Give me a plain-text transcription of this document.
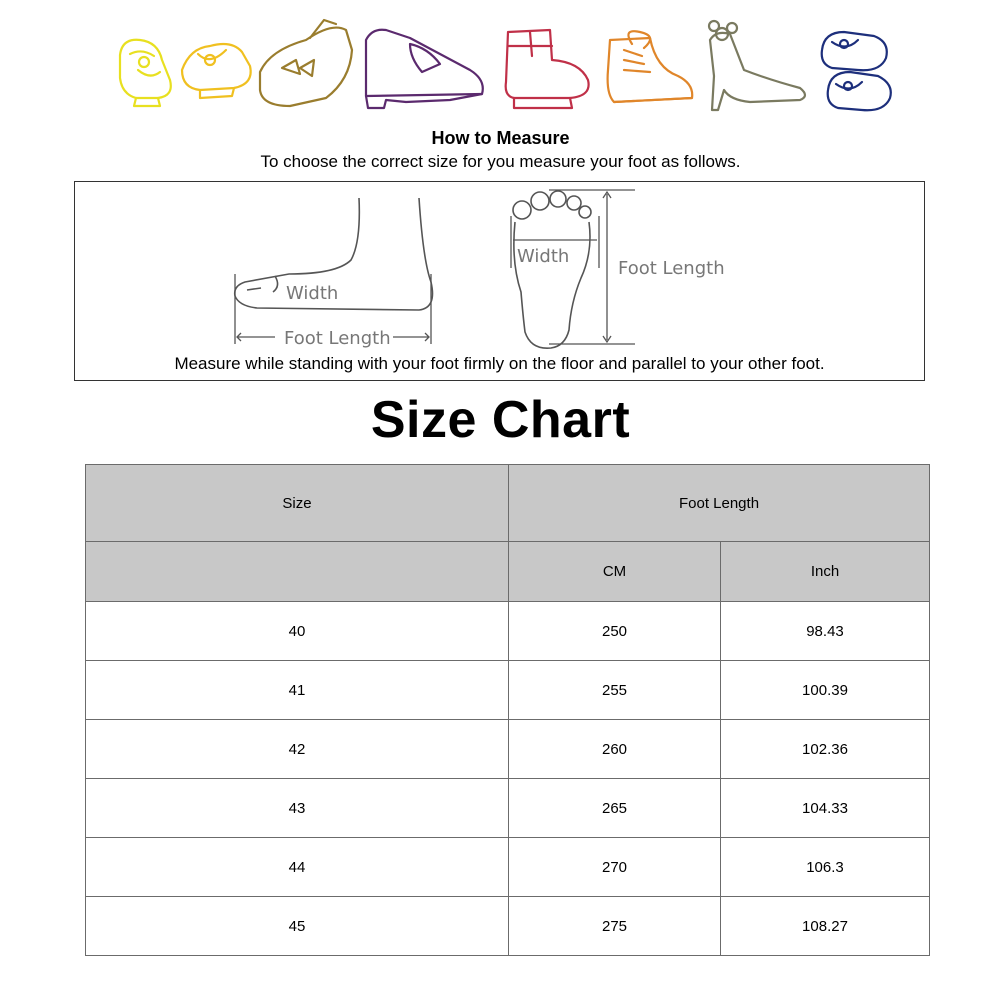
How to Measure
To choose the correct size for you measure your foot as follows.
Width
Foot Length
Width
Foot Length
Measure while standing with your foot firmly on the floor and parallel to your other foot.
Size Chart
Size	Foot Length	
	CM	Inch
40	250	98.43
41	255	100.39
42	260	102.36
43	265	104.33
44	270	106.3
45	275	108.27
